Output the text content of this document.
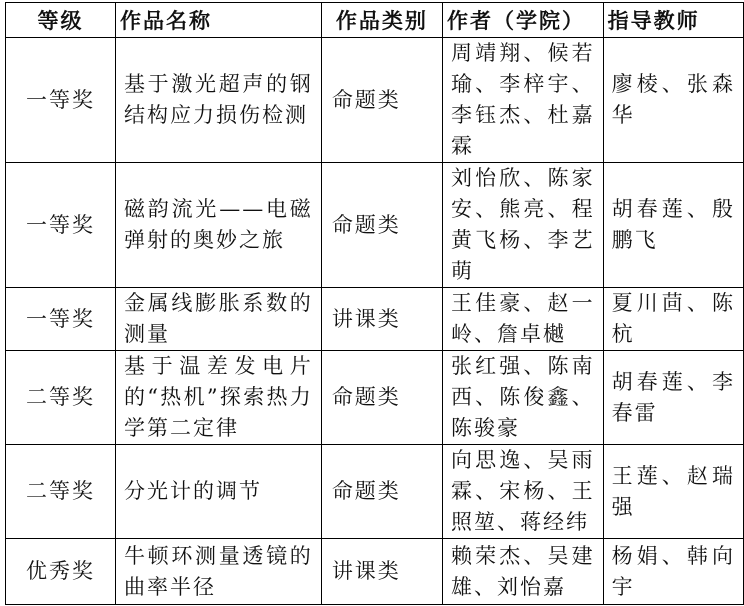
等级	作品名称	作品类别	作者（学院）	指导教师
一等奖	基于激光超声的钢结构应力损伤检测	命题类	周靖翔、候若瑜、李梓宇、李钰杰、杜嘉霖	廖棱、张森华
一等奖	磁韵流光——电磁弹射的奥妙之旅	命题类	刘怡欣、陈家安、熊亮、程黄飞杨、李艺萌	胡春莲、殷鹏飞
一等奖	金属线膨胀系数的测量	讲课类	王佳豪、赵一岭、詹卓樾	夏川茴、陈杭
二等奖	基于温差发电片的“热机”探索热力学第二定律	命题类	张红强、陈南西、陈俊鑫、陈骏豪	胡春莲、李春雷
二等奖	分光计的调节	命题类	向思逸、吴雨霖、宋杨、王照堃、蒋经纬	王莲、赵瑞强
优秀奖	牛顿环测量透镜的曲率半径	讲课类	赖荣杰、吴建雄、刘怡嘉	杨娟、韩向宇
